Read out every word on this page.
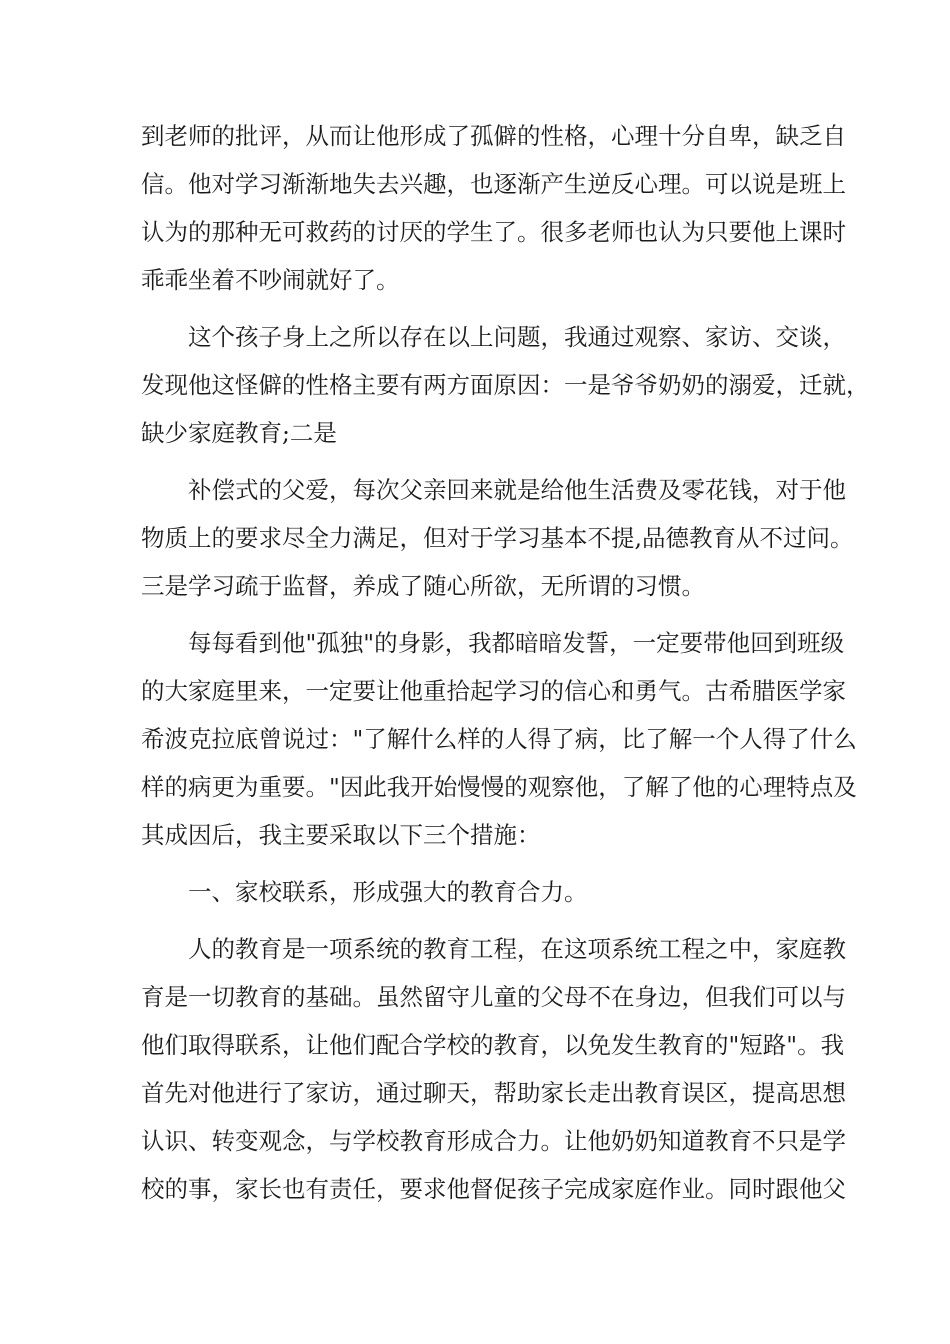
到老师的批评，从而让他形成了孤僻的性格，心理十分自卑，缺乏自
信。他对学习渐渐地失去兴趣，也逐渐产生逆反心理。可以说是班上
认为的那种无可救药的讨厌的学生了。很多老师也认为只要他上课时
乖乖坐着不吵闹就好了。
这个孩子身上之所以存在以上问题，我通过观察、家访、交谈，
发现他这怪僻的性格主要有两方面原因：一是爷爷奶奶的溺爱，迁就，
缺少家庭教育;二是
补偿式的父爱，每次父亲回来就是给他生活费及零花钱，对于他
物质上的要求尽全力满足，但对于学习基本不提,品德教育从不过问。
三是学习疏于监督，养成了随心所欲，无所谓的习惯。
每每看到他"孤独"的身影，我都暗暗发誓，一定要带他回到班级
的大家庭里来，一定要让他重拾起学习的信心和勇气。古希腊医学家
希波克拉底曾说过："了解什么样的人得了病，比了解一个人得了什么
样的病更为重要。"因此我开始慢慢的观察他，了解了他的心理特点及
其成因后，我主要采取以下三个措施：
一、家校联系，形成强大的教育合力。
人的教育是一项系统的教育工程，在这项系统工程之中，家庭教
育是一切教育的基础。虽然留守儿童的父母不在身边，但我们可以与
他们取得联系，让他们配合学校的教育，以免发生教育的"短路"。我
首先对他进行了家访，通过聊天，帮助家长走出教育误区，提高思想
认识、转变观念，与学校教育形成合力。让他奶奶知道教育不只是学
校的事，家长也有责任，要求他督促孩子完成家庭作业。同时跟他父
